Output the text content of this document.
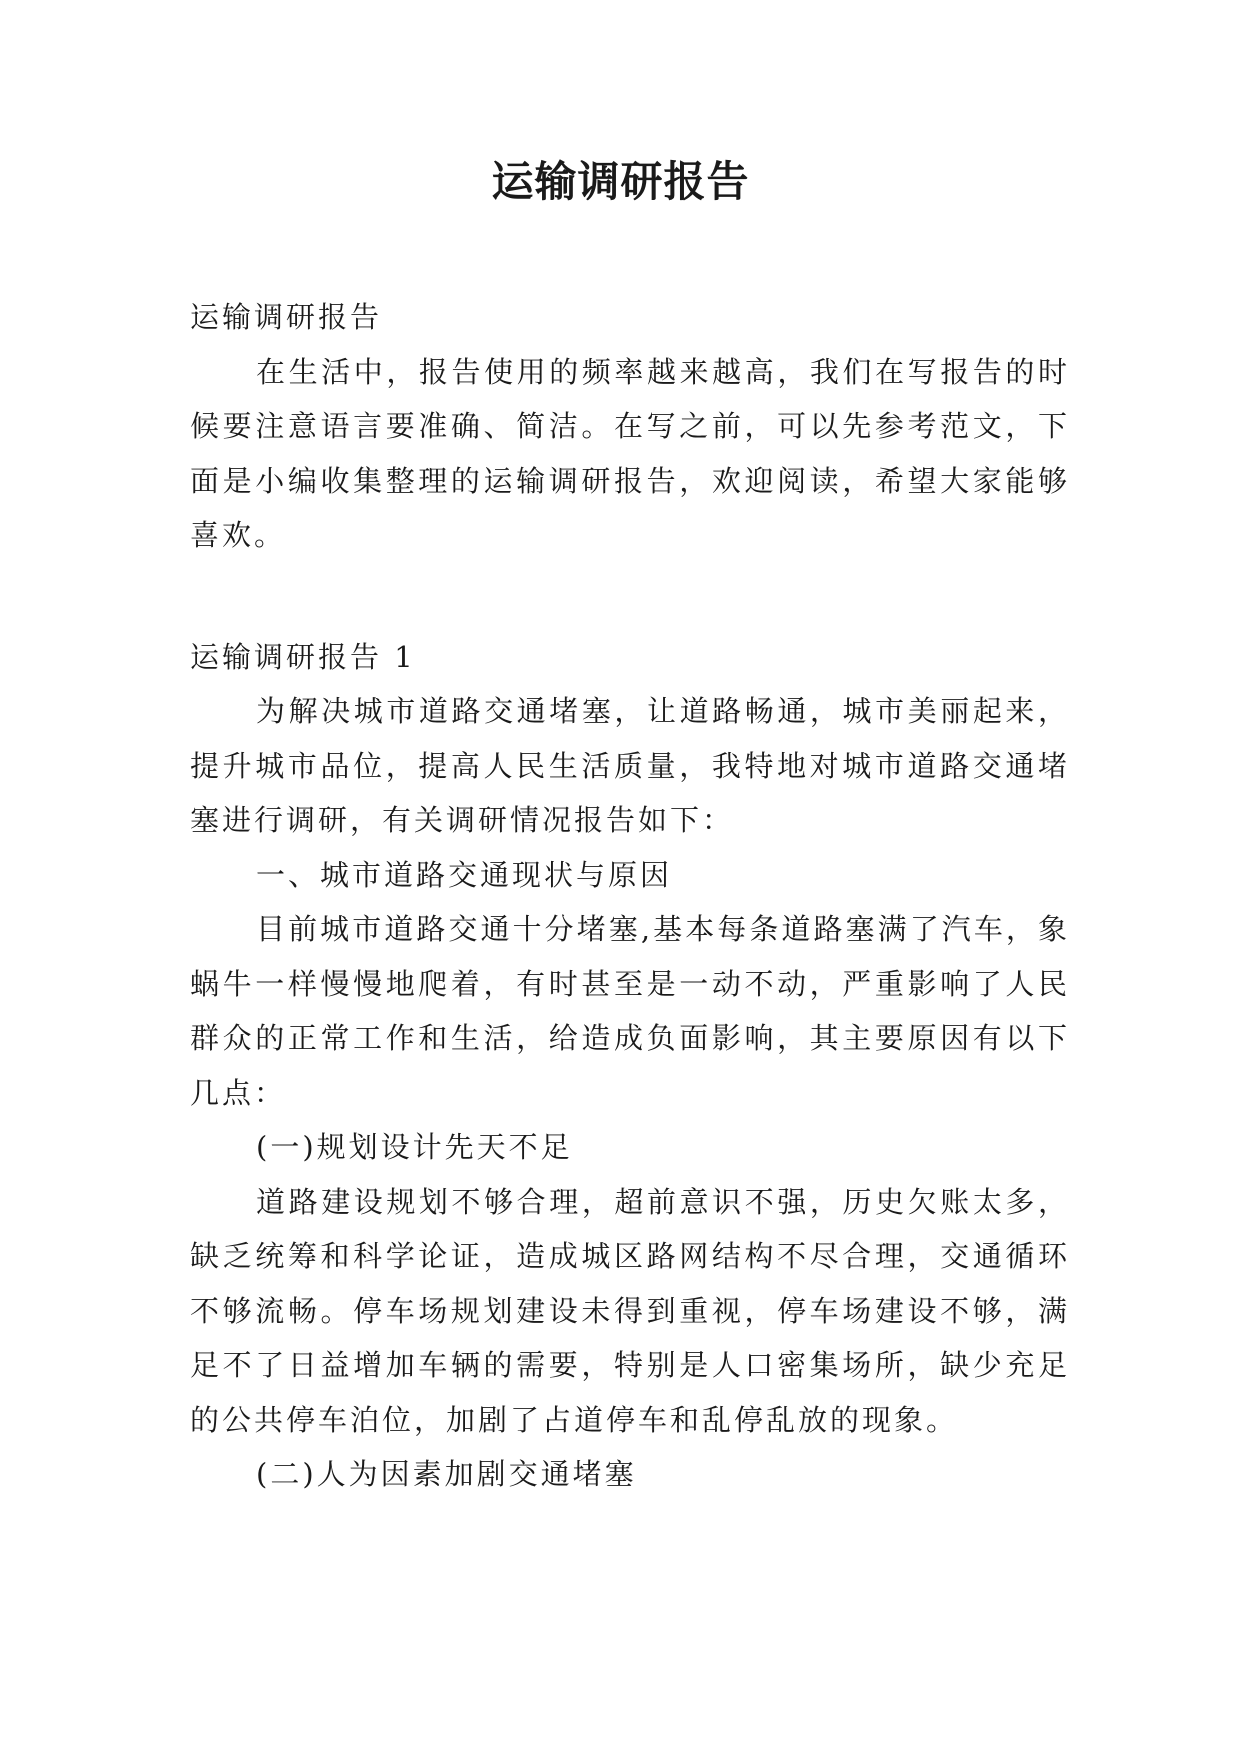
运输调研报告

运输调研报告

在生活中，报告使用的频率越来越高，我们在写报告的时候要注意语言要准确、简洁。在写之前，可以先参考范文，下面是小编收集整理的运输调研报告，欢迎阅读，希望大家能够喜欢。

运输调研报告 1

为解决城市道路交通堵塞，让道路畅通，城市美丽起来，提升城市品位，提高人民生活质量，我特地对城市道路交通堵塞进行调研，有关调研情况报告如下：

一、城市道路交通现状与原因

目前城市道路交通十分堵塞,基本每条道路塞满了汽车，象蜗牛一样慢慢地爬着，有时甚至是一动不动，严重影响了人民群众的正常工作和生活，给造成负面影响，其主要原因有以下几点：

(一)规划设计先天不足

道路建设规划不够合理，超前意识不强，历史欠账太多，缺乏统筹和科学论证，造成城区路网结构不尽合理，交通循环不够流畅。停车场规划建设未得到重视，停车场建设不够，满足不了日益增加车辆的需要，特别是人口密集场所，缺少充足的公共停车泊位，加剧了占道停车和乱停乱放的现象。

(二)人为因素加剧交通堵塞
